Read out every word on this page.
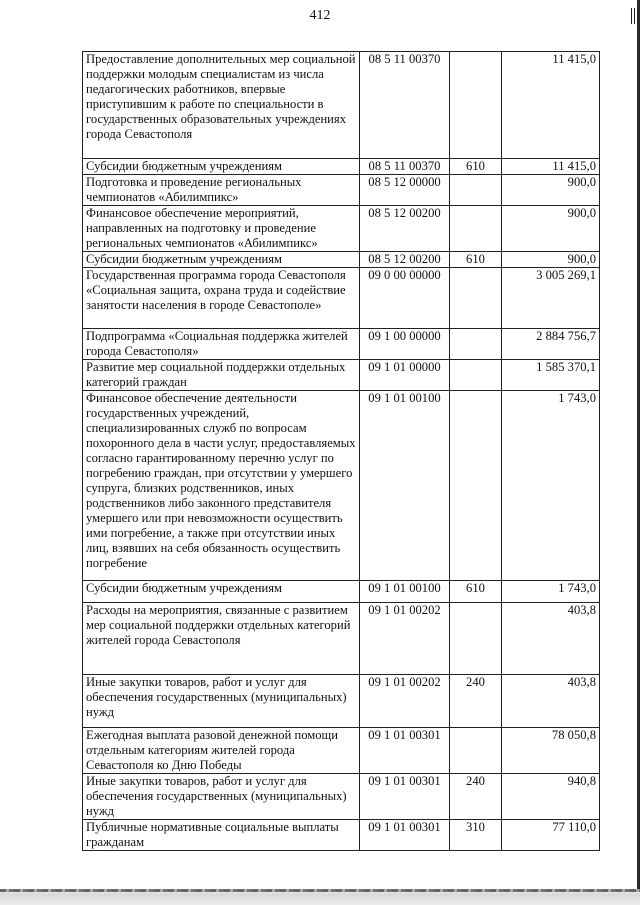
412
Предоставление дополнительных мер социальной поддержки молодым специалистам из числа педагогических работников, впервые приступившим к работе по специальности в государственных образовательных учреждениях города Севастополя	08 5 11 00370		11 415,0
Субсидии бюджетным учреждениям	08 5 11 00370	610	11 415,0
Подготовка и проведение региональных чемпионатов «Абилимпикс»	08 5 12 00000		900,0
Финансовое обеспечение мероприятий, направленных на подготовку и проведение региональных чемпионатов «Абилимпикс»	08 5 12 00200		900,0
Субсидии бюджетным учреждениям	08 5 12 00200	610	900,0
Государственная программа города Севастополя «Социальная защита, охрана труда и содействие занятости населения в городе Севастополе»	09 0 00 00000		3 005 269,1
Подпрограмма «Социальная поддержка жителей города Севастополя»	09 1 00 00000		2 884 756,7
Развитие мер социальной поддержки отдельных категорий граждан	09 1 01 00000		1 585 370,1
Финансовое обеспечение деятельности государственных учреждений, специализированных служб по вопросам похоронного дела в части услуг, предоставляемых согласно гарантированному перечню услуг по погребению граждан, при отсутствии у умершего супруга, близких родственников, иных родственников либо законного представителя умершего или при невозможности осуществить ими погребение, а также при отсутствии иных лиц, взявших на себя обязанность осуществить погребение	09 1 01 00100		1 743,0
Субсидии бюджетным учреждениям	09 1 01 00100	610	1 743,0
Расходы на мероприятия, связанные с развитием мер социальной поддержки отдельных категорий жителей города Севастополя	09 1 01 00202		403,8
Иные закупки товаров, работ и услуг для обеспечения государственных (муниципальных) нужд	09 1 01 00202	240	403,8
Ежегодная выплата разовой денежной помощи отдельным категориям жителей города Севастополя ко Дню Победы	09 1 01 00301		78 050,8
Иные закупки товаров, работ и услуг для обеспечения государственных (муниципальных) нужд	09 1 01 00301	240	940,8
Публичные нормативные социальные выплаты гражданам	09 1 01 00301	310	77 110,0
